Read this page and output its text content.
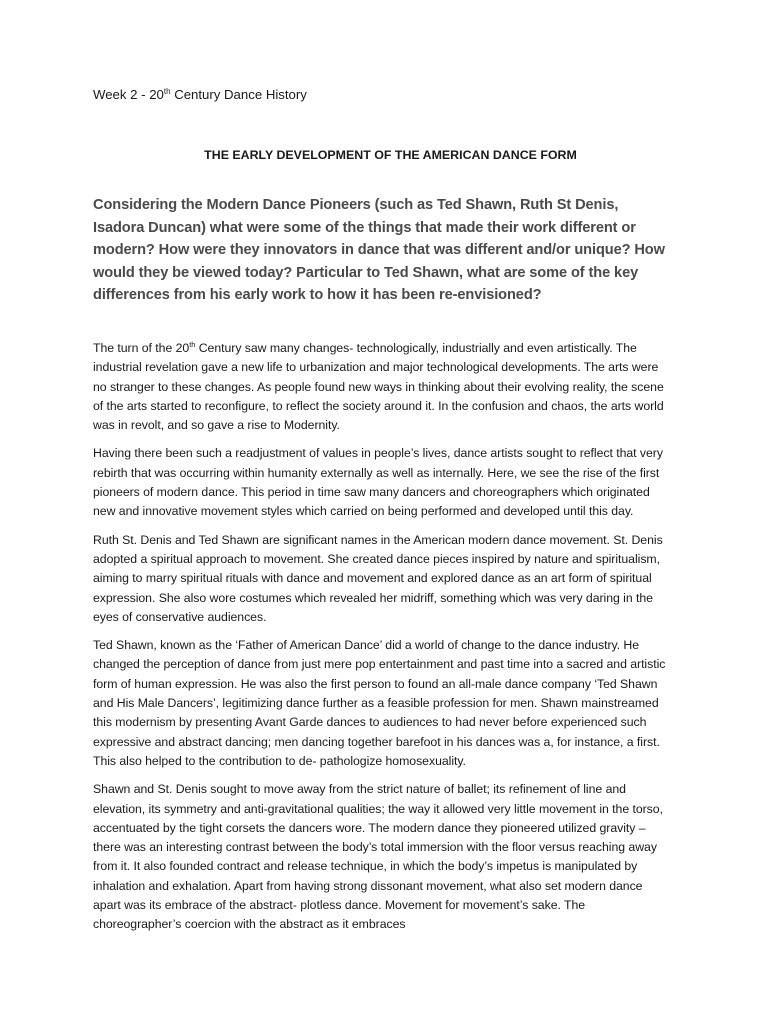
Week 2 - 20th Century Dance History
THE EARLY DEVELOPMENT OF THE AMERICAN DANCE FORM
Considering the Modern Dance Pioneers (such as Ted Shawn, Ruth St Denis, Isadora Duncan) what were some of the things that made their work different or modern? How were they innovators in dance that was different and/or unique? How would they be viewed today? Particular to Ted Shawn, what are some of the key differences from his early work to how it has been re-envisioned?

The turn of the 20th Century saw many changes- technologically, industrially and even artistically. The industrial revelation gave a new life to urbanization and major technological developments. The arts were no stranger to these changes. As people found new ways in thinking about their evolving reality, the scene of the arts started to reconfigure, to reflect the society around it. In the confusion and chaos, the arts world was in revolt, and so gave a rise to Modernity.

Having there been such a readjustment of values in people’s lives, dance artists sought to reflect that very rebirth that was occurring within humanity externally as well as internally. Here, we see the rise of the first pioneers of modern dance. This period in time saw many dancers and choreographers which originated new and innovative movement styles which carried on being performed and developed until this day.

Ruth St. Denis and Ted Shawn are significant names in the American modern dance movement. St. Denis adopted a spiritual approach to movement. She created dance pieces inspired by nature and spiritualism, aiming to marry spiritual rituals with dance and movement and explored dance as an art form of spiritual expression. She also wore costumes which revealed her midriff, something which was very daring in the eyes of conservative audiences.

Ted Shawn, known as the ‘Father of American Dance’ did a world of change to the dance industry. He changed the perception of dance from just mere pop entertainment and past time into a sacred and artistic form of human expression. He was also the first person to found an all-male dance company ‘Ted Shawn and His Male Dancers’, legitimizing dance further as a feasible profession for men. Shawn mainstreamed this modernism by presenting Avant Garde dances to audiences to had never before experienced such expressive and abstract dancing; men dancing together barefoot in his dances was a, for instance, a first. This also helped to the contribution to de- pathologize homosexuality.

Shawn and St. Denis sought to move away from the strict nature of ballet; its refinement of line and elevation, its symmetry and anti-gravitational qualities; the way it allowed very little movement in the torso, accentuated by the tight corsets the dancers wore. The modern dance they pioneered utilized gravity – there was an interesting contrast between the body’s total immersion with the floor versus reaching away from it. It also founded contract and release technique, in which the body’s impetus is manipulated by inhalation and exhalation. Apart from having strong dissonant movement, what also set modern dance apart was its embrace of the abstract- plotless dance. Movement for movement’s sake. The choreographer’s coercion with the abstract as it embraces
